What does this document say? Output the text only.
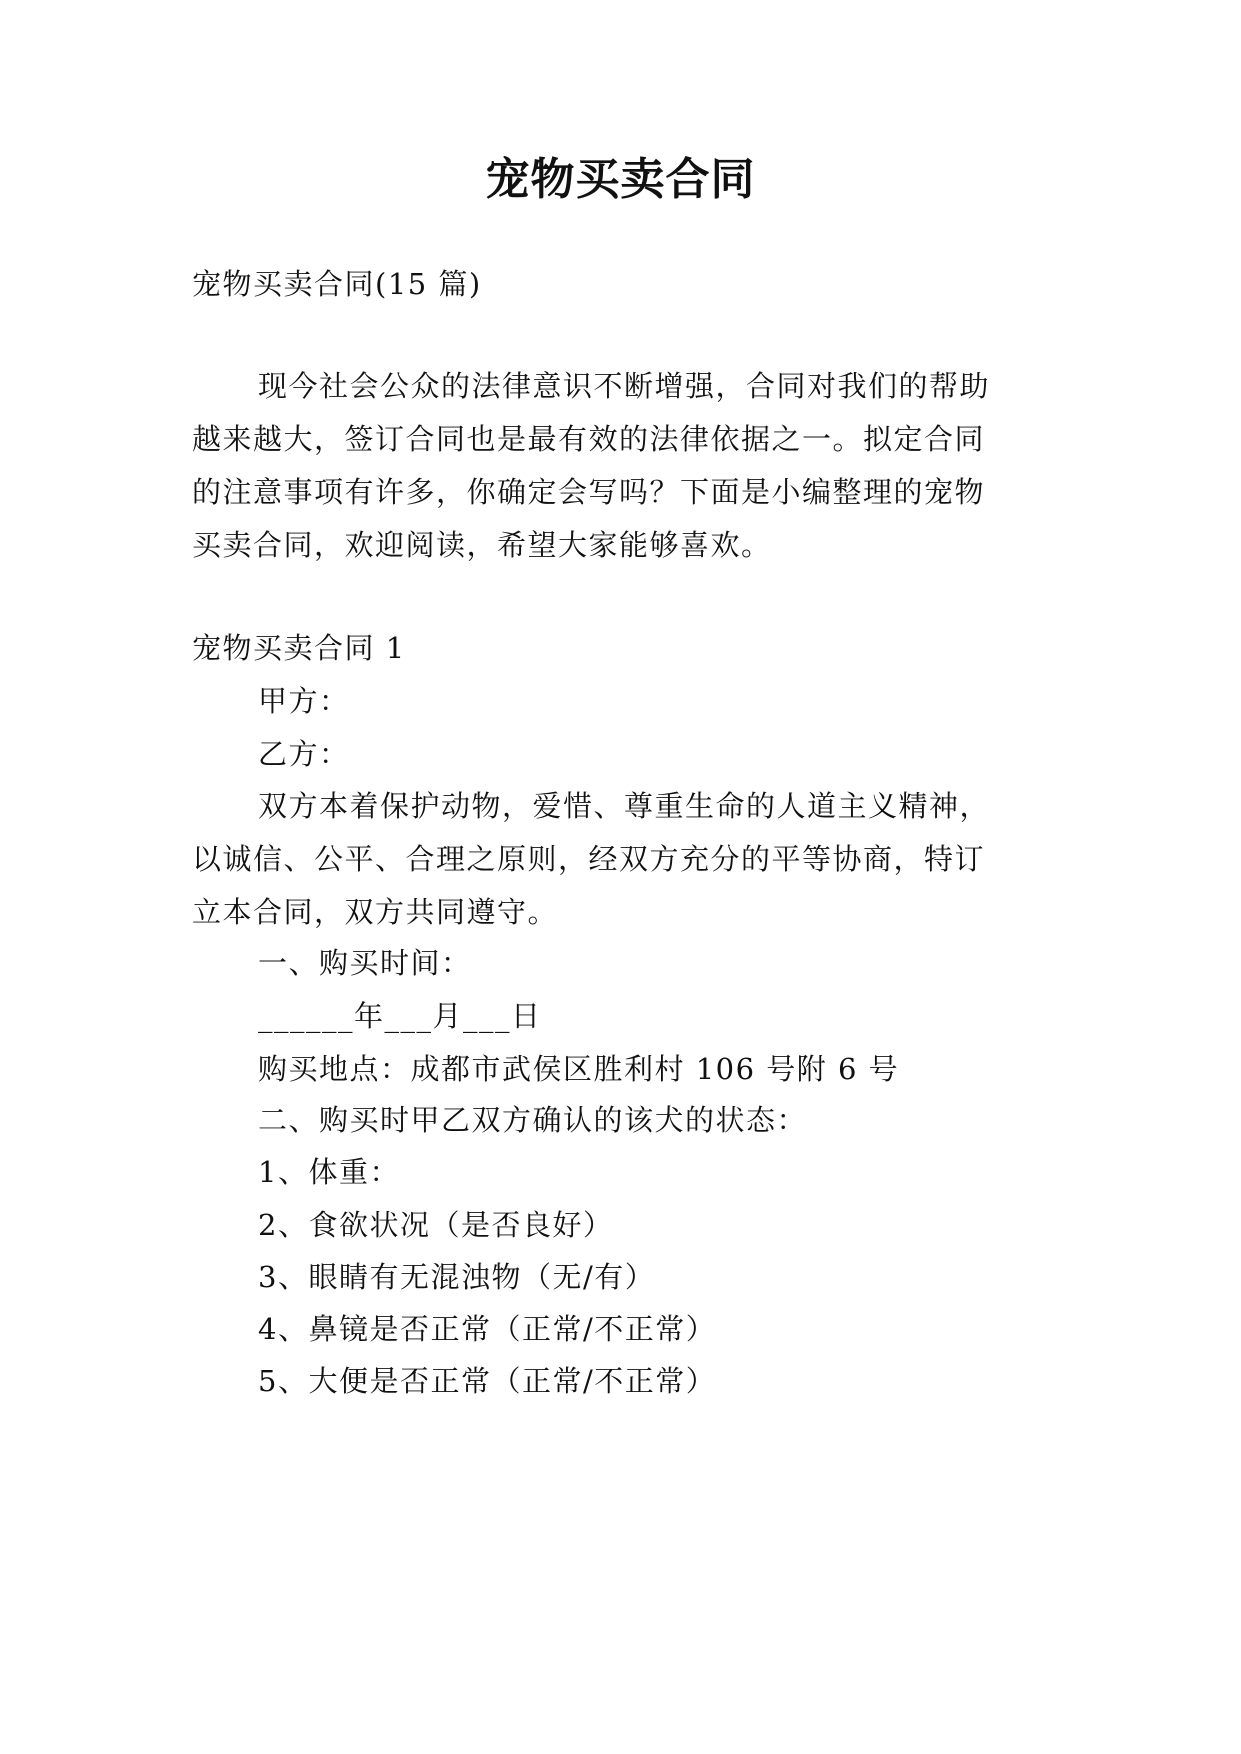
宠物买卖合同
宠物买卖合同(15 篇)
现今社会公众的法律意识不断增强，合同对我们的帮助
越来越大，签订合同也是最有效的法律依据之一。拟定合同
的注意事项有许多，你确定会写吗？下面是小编整理的宠物
买卖合同，欢迎阅读，希望大家能够喜欢。
宠物买卖合同 1
甲方：
乙方：
双方本着保护动物，爱惜、尊重生命的人道主义精神，
以诚信、公平、合理之原则，经双方充分的平等协商，特订
立本合同，双方共同遵守。
一、购买时间：
______年___月___日
购买地点：成都市武侯区胜利村 106 号附 6 号
二、购买时甲乙双方确认的该犬的状态：
1、体重：
2、食欲状况（是否良好）
3、眼睛有无混浊物（无/有）
4、鼻镜是否正常（正常/不正常）
5、大便是否正常（正常/不正常）
